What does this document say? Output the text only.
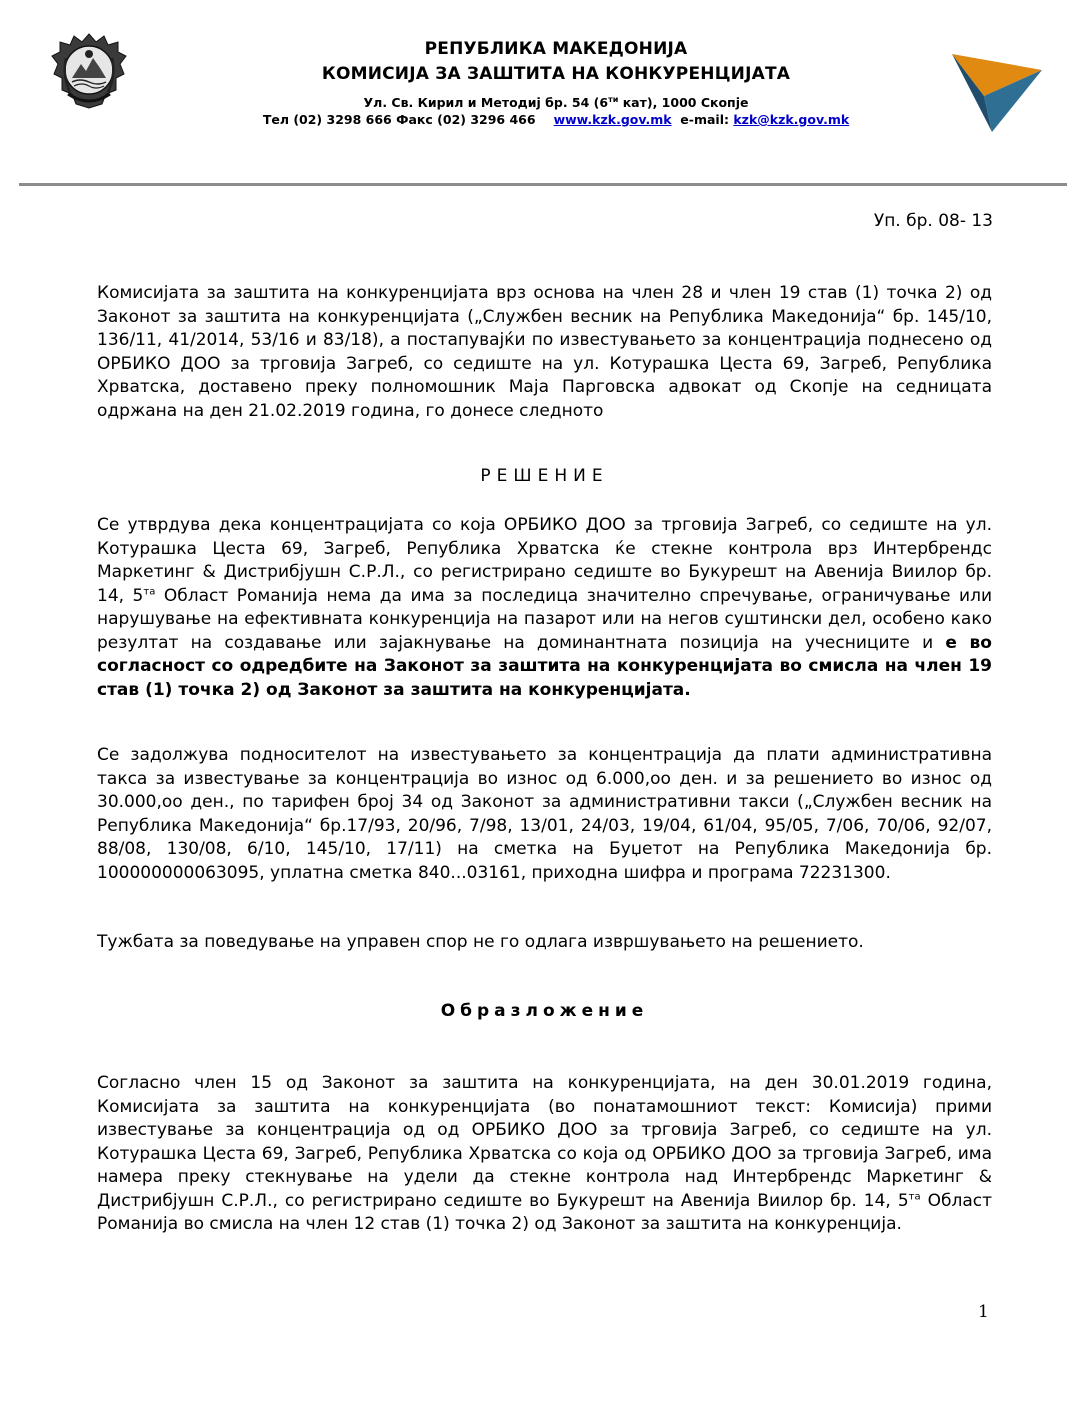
РЕПУБЛИКА МАКЕДОНИЈА
КОМИСИЈА ЗА ЗАШТИТА НА КОНКУРЕНЦИЈАТА
Ул. Св. Кирил и Методиј бр. 54 ($6^{ти}$ кат), 1000 Скопје
Тел (02) 3298 666 Факс (02) 3296 466 www.kzk.gov.mk e-mail: kzk@kzk.gov.mk
Уп. бр. 08- 13

Комисијата за заштита на конкуренцијата врз основа на член 28 и член 19 став (1) точка 2) од Законот за заштита на конкуренцијата („Службен весник на Република Македонија“ бр. 145/10, 136/11, 41/2014, 53/16 и 83/18), а постапувајќи по известувањето за концентрација поднесено од ОРБИКО ДОО за трговија Загреб, со седиште на ул. Котурашка Цеста 69, Загреб, Република Хрватска, доставено преку полномошник Маја Парговска адвокат од Скопје на седницата одржана на ден 21.02.2019 година, го донесе следното

РЕШЕНИЕ

Се утврдува дека концентрацијата со која ОРБИКО ДОО за трговија Загреб, со седиште на ул. Котурашка Цеста 69, Загреб, Република Хрватска ќе стекне контрола врз Интербрендс Маркетинг & Дистрибјушн С.Р.Л., со регистрирано седиште во Букурешт на Авенија Виилор бр. 14, $5^{та}$ Област Романија нема да има за последица значително спречување, ограничување или нарушување на ефективната конкуренција на пазарот или на негов суштински дел, особено како резултат на создавање или зајакнување на доминантната позиција на учесниците и е во согласност со одредбите на Законот за заштита на конкуренцијата во смисла на член 19 став (1) точка 2) од Законот за заштита на конкуренцијата.

Се задолжува подносителот на известувањето за концентрација да плати административна такса за известување за концентрација во износ од 6.000,оо ден. и за решението во износ од 30.000,оо ден., по тарифен број 34 од Законот за административни такси („Службен весник на Република Македонија“ бр.17/93, 20/96, 7/98, 13/01, 24/03, 19/04, 61/04, 95/05, 7/06, 70/06, 92/07, 88/08, 130/08, 6/10, 145/10, 17/11) на сметка на Буџетот на Република Македонија бр. 100000000063095, уплатна сметка 840...03161, приходна шифра и програма 72231300.

Тужбата за поведување на управен спор не го одлага извршувањето на решението.

Образложение

Согласно член 15 од Законот за заштита на конкуренцијата, на ден 30.01.2019 година, Комисијата за заштита на конкуренцијата (во понатамошниот текст: Комисија) прими известување за концентрација од од ОРБИКО ДОО за трговија Загреб, со седиште на ул. Котурашка Цеста 69, Загреб, Република Хрватска со која од ОРБИКО ДОО за трговија Загреб, има намера преку стекнување на удели да стекне контрола над Интербрендс Маркетинг & Дистрибјушн С.Р.Л., со регистрирано седиште во Букурешт на Авенија Виилор бр. 14, $5^{та}$ Област Романија во смисла на член 12 став (1) точка 2) од Законот за заштита на конкуренција.

1
